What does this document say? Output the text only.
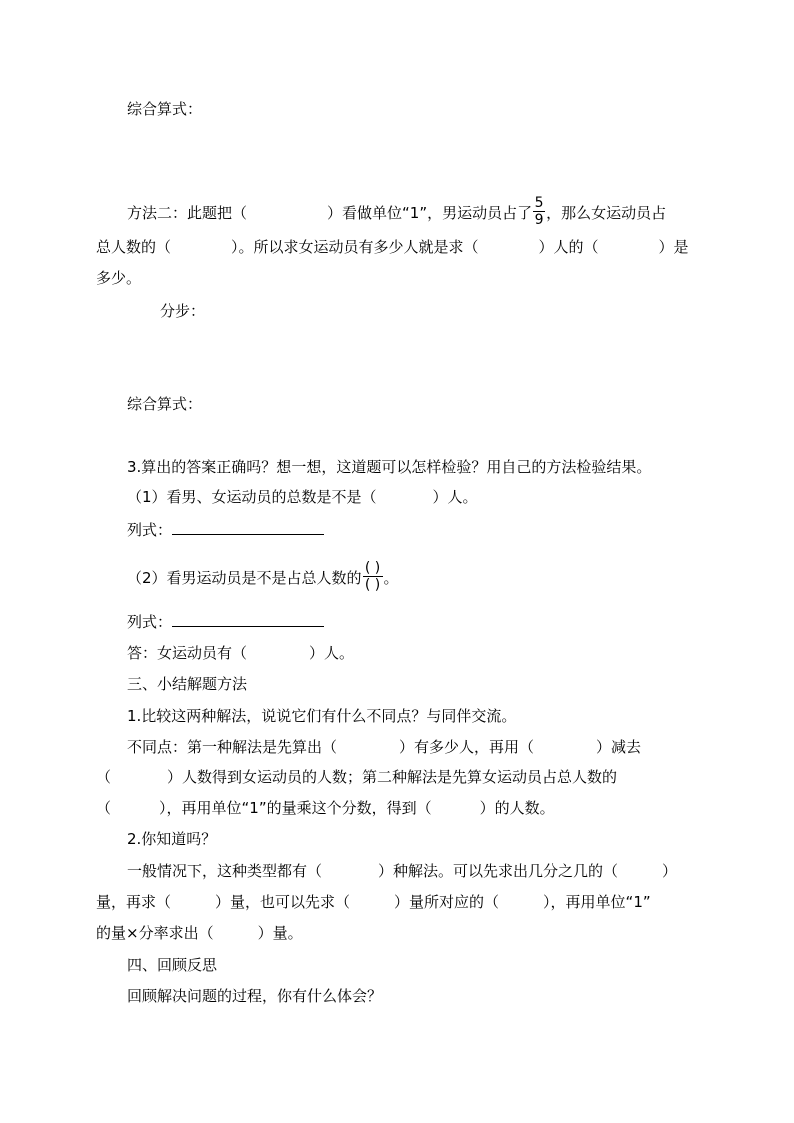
综合算式：
方法二：此题把（	）看做单位“1”，男运动员占了 $\frac{5}{9}$ ，那么女运动员占
总人数的（	）。所以求女运动员有多少人就是求（	）人的（	）是
多少。
分步：
综合算式：
3.算出的答案正确吗？想一想，这道题可以怎样检验？用自己的方法检验结果。
（1）看男、女运动员的总数是不是（	）人。
列式：
（2）看男运动员是不是占总人数的 $\frac{( )}{( )}$ 。
列式：
答：女运动员有（	）人。
三、小结解题方法
1.比较这两种解法，说说它们有什么不同点？与同伴交流。
不同点：第一种解法是先算出（	）有多少人，再用（	）减去
（	）人数得到女运动员的人数；第二种解法是先算女运动员占总人数的
（	），再用单位“1”的量乘这个分数，得到（	）的人数。
2.你知道吗？
一般情况下，这种类型都有（	）种解法。可以先求出几分之几的（	）
量，再求（	）量，也可以先求（	）量所对应的（	），再用单位“1”
的量×分率求出（	）量。
四、回顾反思
回顾解决问题的过程，你有什么体会？
